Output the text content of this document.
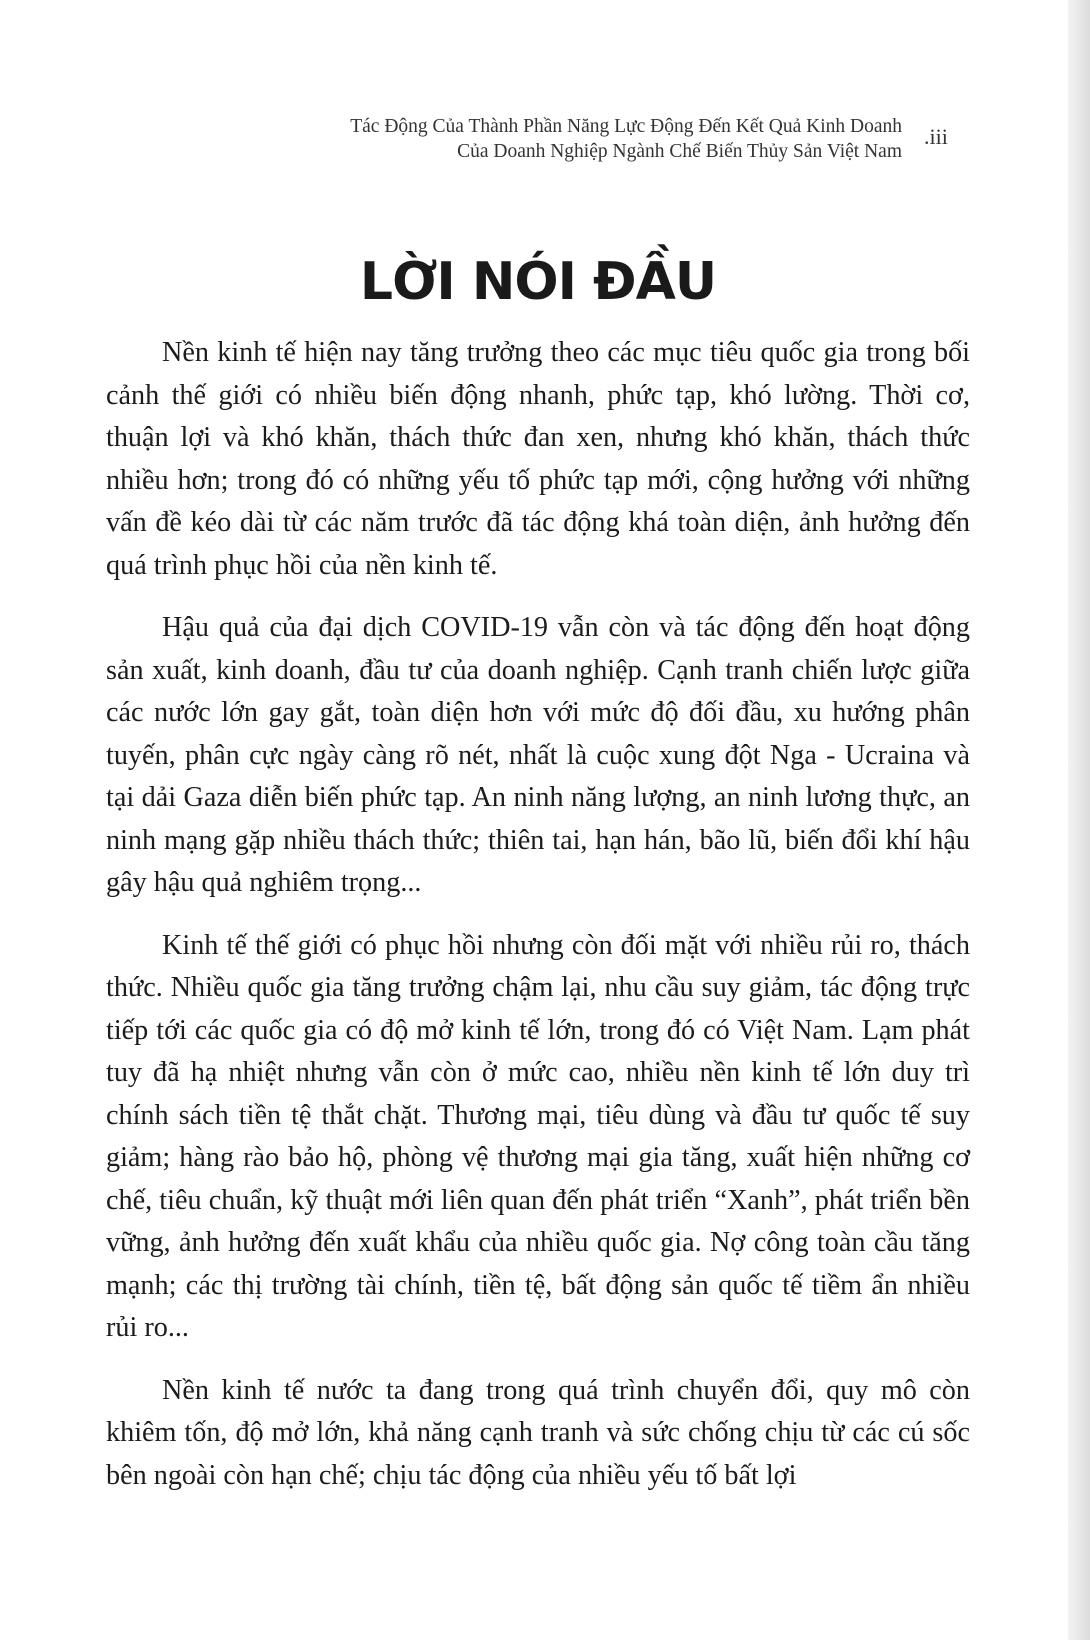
Tác Động Của Thành Phần Năng Lực Động Đến Kết Quả Kinh Doanh
Của Doanh Nghiệp Ngành Chế Biến Thủy Sản Việt Nam
.iii
LỜI NÓI ĐẦU

Nền kinh tế hiện nay tăng trưởng theo các mục tiêu quốc gia trong bối cảnh thế giới có nhiều biến động nhanh, phức tạp, khó lường. Thời cơ, thuận lợi và khó khăn, thách thức đan xen, nhưng khó khăn, thách thức nhiều hơn; trong đó có những yếu tố phức tạp mới, cộng hưởng với những vấn đề kéo dài từ các năm trước đã tác động khá toàn diện, ảnh hưởng đến quá trình phục hồi của nền kinh tế.

Hậu quả của đại dịch COVID-19 vẫn còn và tác động đến hoạt động sản xuất, kinh doanh, đầu tư của doanh nghiệp. Cạnh tranh chiến lược giữa các nước lớn gay gắt, toàn diện hơn với mức độ đối đầu, xu hướng phân tuyến, phân cực ngày càng rõ nét, nhất là cuộc xung đột Nga - Ucraina và tại dải Gaza diễn biến phức tạp. An ninh năng lượng, an ninh lương thực, an ninh mạng gặp nhiều thách thức; thiên tai, hạn hán, bão lũ, biến đổi khí hậu gây hậu quả nghiêm trọng...

Kinh tế thế giới có phục hồi nhưng còn đối mặt với nhiều rủi ro, thách thức. Nhiều quốc gia tăng trưởng chậm lại, nhu cầu suy giảm, tác động trực tiếp tới các quốc gia có độ mở kinh tế lớn, trong đó có Việt Nam. Lạm phát tuy đã hạ nhiệt nhưng vẫn còn ở mức cao, nhiều nền kinh tế lớn duy trì chính sách tiền tệ thắt chặt. Thương mại, tiêu dùng và đầu tư quốc tế suy giảm; hàng rào bảo hộ, phòng vệ thương mại gia tăng, xuất hiện những cơ chế, tiêu chuẩn, kỹ thuật mới liên quan đến phát triển “Xanh”, phát triển bền vững, ảnh hưởng đến xuất khẩu của nhiều quốc gia. Nợ công toàn cầu tăng mạnh; các thị trường tài chính, tiền tệ, bất động sản quốc tế tiềm ẩn nhiều rủi ro...

Nền kinh tế nước ta đang trong quá trình chuyển đổi, quy mô còn khiêm tốn, độ mở lớn, khả năng cạnh tranh và sức chống chịu từ các cú sốc bên ngoài còn hạn chế; chịu tác động của nhiều yếu tố bất lợi
